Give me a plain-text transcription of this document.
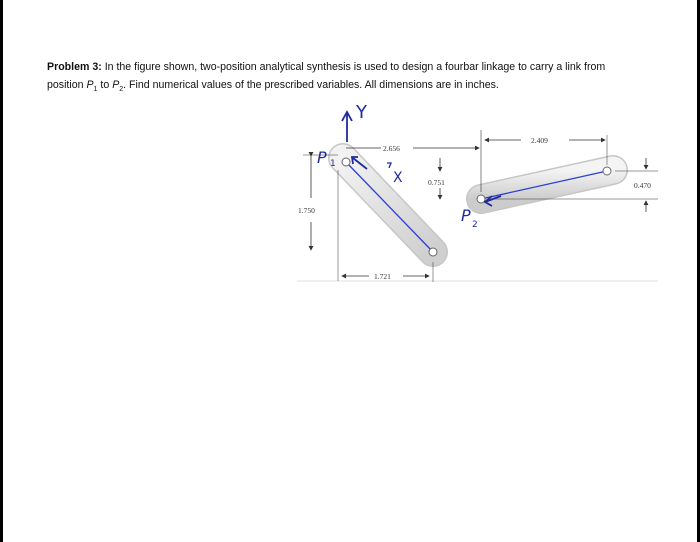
Problem 3: In the figure shown, two-position analytical synthesis is used to design a fourbar linkage to carry a link from
position $P_1$ to $P_2$. Find numerical values of the prescribed variables. All dimensions are in inches.
2.656
0.751
1.750
1.721
2.409
0.470
Y
X
P 1
P 2
